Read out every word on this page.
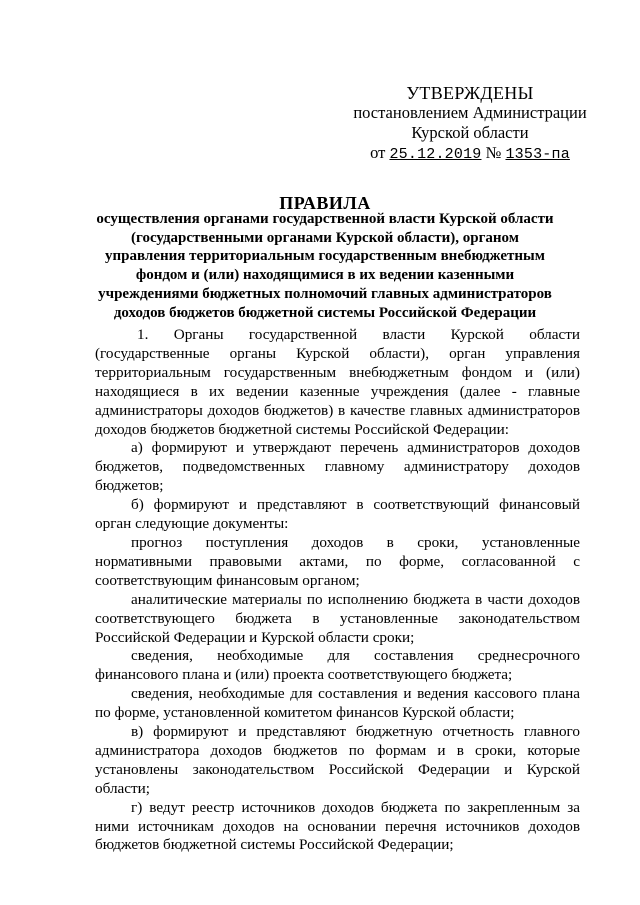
УТВЕРЖДЕНЫ
постановлением Администрации
Курской области
от 25.12.2019 № 1353-па
ПРАВИЛА
осуществления органами государственной власти Курской области (государственными органами Курской области), органом управления территориальным государственным внебюджетным фондом и (или) находящимися в их ведении казенными учреждениями бюджетных полномочий главных администраторов доходов бюджетов бюджетной системы Российской Федерации

1. Органы государственной власти Курской области (государственные органы Курской области), орган управления территориальным государственным внебюджетным фондом и (или) находящиеся в их ведении казенные учреждения (далее - главные администраторы доходов бюджетов) в качестве главных администраторов доходов бюджетов бюджетной системы Российской Федерации:

а) формируют и утверждают перечень администраторов доходов бюджетов, подведомственных главному администратору доходов бюджетов;

б) формируют и представляют в соответствующий финансовый орган следующие документы:

прогноз поступления доходов в сроки, установленные нормативными правовыми актами, по форме, согласованной с соответствующим финансовым органом;

аналитические материалы по исполнению бюджета в части доходов соответствующего бюджета в установленные законодательством Российской Федерации и Курской области сроки;

сведения, необходимые для составления среднесрочного финансового плана и (или) проекта соответствующего бюджета;

сведения, необходимые для составления и ведения кассового плана по форме, установленной комитетом финансов Курской области;

в) формируют и представляют бюджетную отчетность главного администратора доходов бюджетов по формам и в сроки, которые установлены законодательством Российской Федерации и Курской области;

г) ведут реестр источников доходов бюджета по закрепленным за ними источникам доходов на основании перечня источников доходов бюджетов бюджетной системы Российской Федерации;
